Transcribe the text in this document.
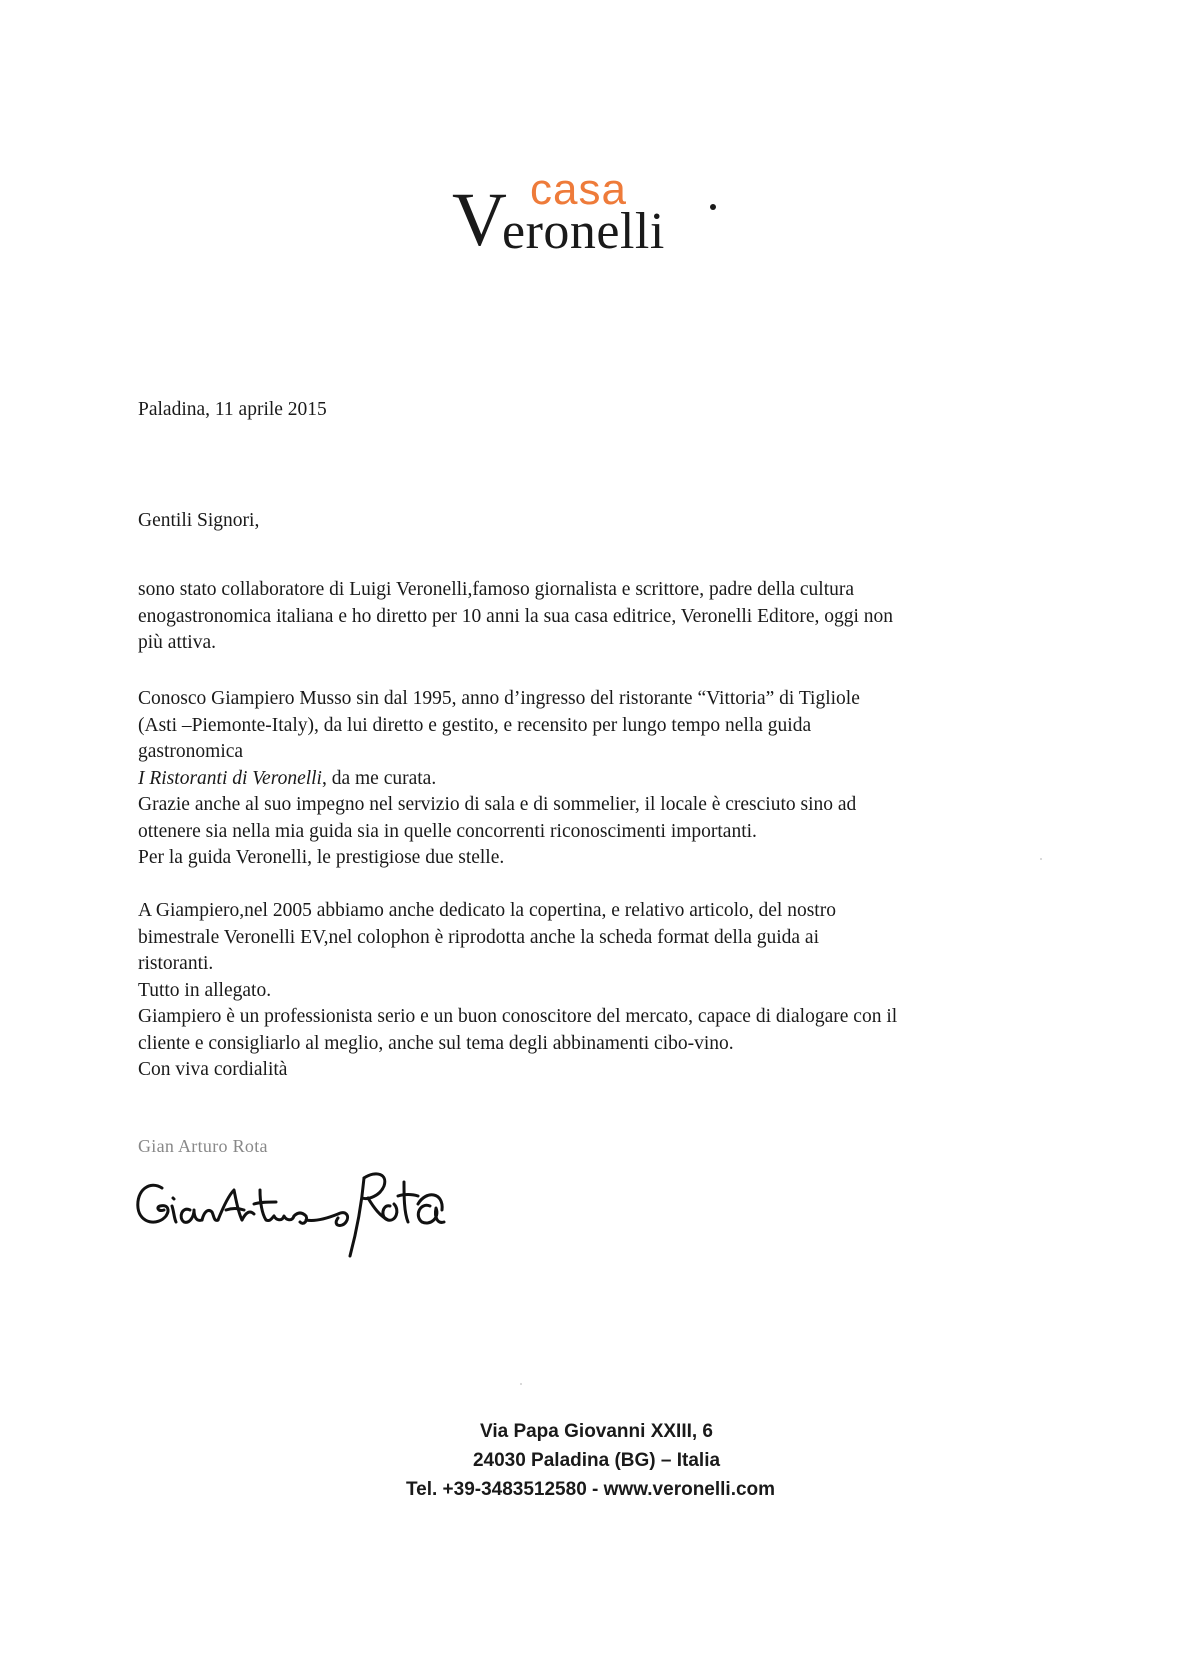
casa
V
eronelli

Paladina, 11 aprile 2015

Gentili Signori,

sono stato collaboratore di Luigi Veronelli,famoso giornalista e scrittore, padre della cultura
enogastronomica italiana e ho diretto per 10 anni la sua casa editrice, Veronelli Editore, oggi non
più attiva.

Conosco Giampiero Musso sin dal 1995, anno d’ingresso del ristorante “Vittoria” di Tigliole
(Asti –Piemonte-Italy), da lui diretto e gestito, e recensito per lungo tempo nella guida
gastronomica
I Ristoranti di Veronelli, da me curata.
Grazie anche al suo impegno nel servizio di sala e di sommelier, il locale è cresciuto sino ad
ottenere sia nella mia guida sia in quelle concorrenti riconoscimenti importanti.
Per la guida Veronelli, le prestigiose due stelle.

A Giampiero,nel 2005 abbiamo anche dedicato la copertina, e relativo articolo, del nostro
bimestrale Veronelli EV,nel colophon è riprodotta anche la scheda format della guida ai
ristoranti.
Tutto in allegato.
Giampiero è un professionista serio e un buon conoscitore del mercato, capace di dialogare con il
cliente e consigliarlo al meglio, anche sul tema degli abbinamenti cibo-vino.
Con viva cordialità

Gian Arturo Rota
Via Papa Giovanni XXIII, 6
24030 Paladina (BG) – Italia
Tel. +39-3483512580 - www.veronelli.com
